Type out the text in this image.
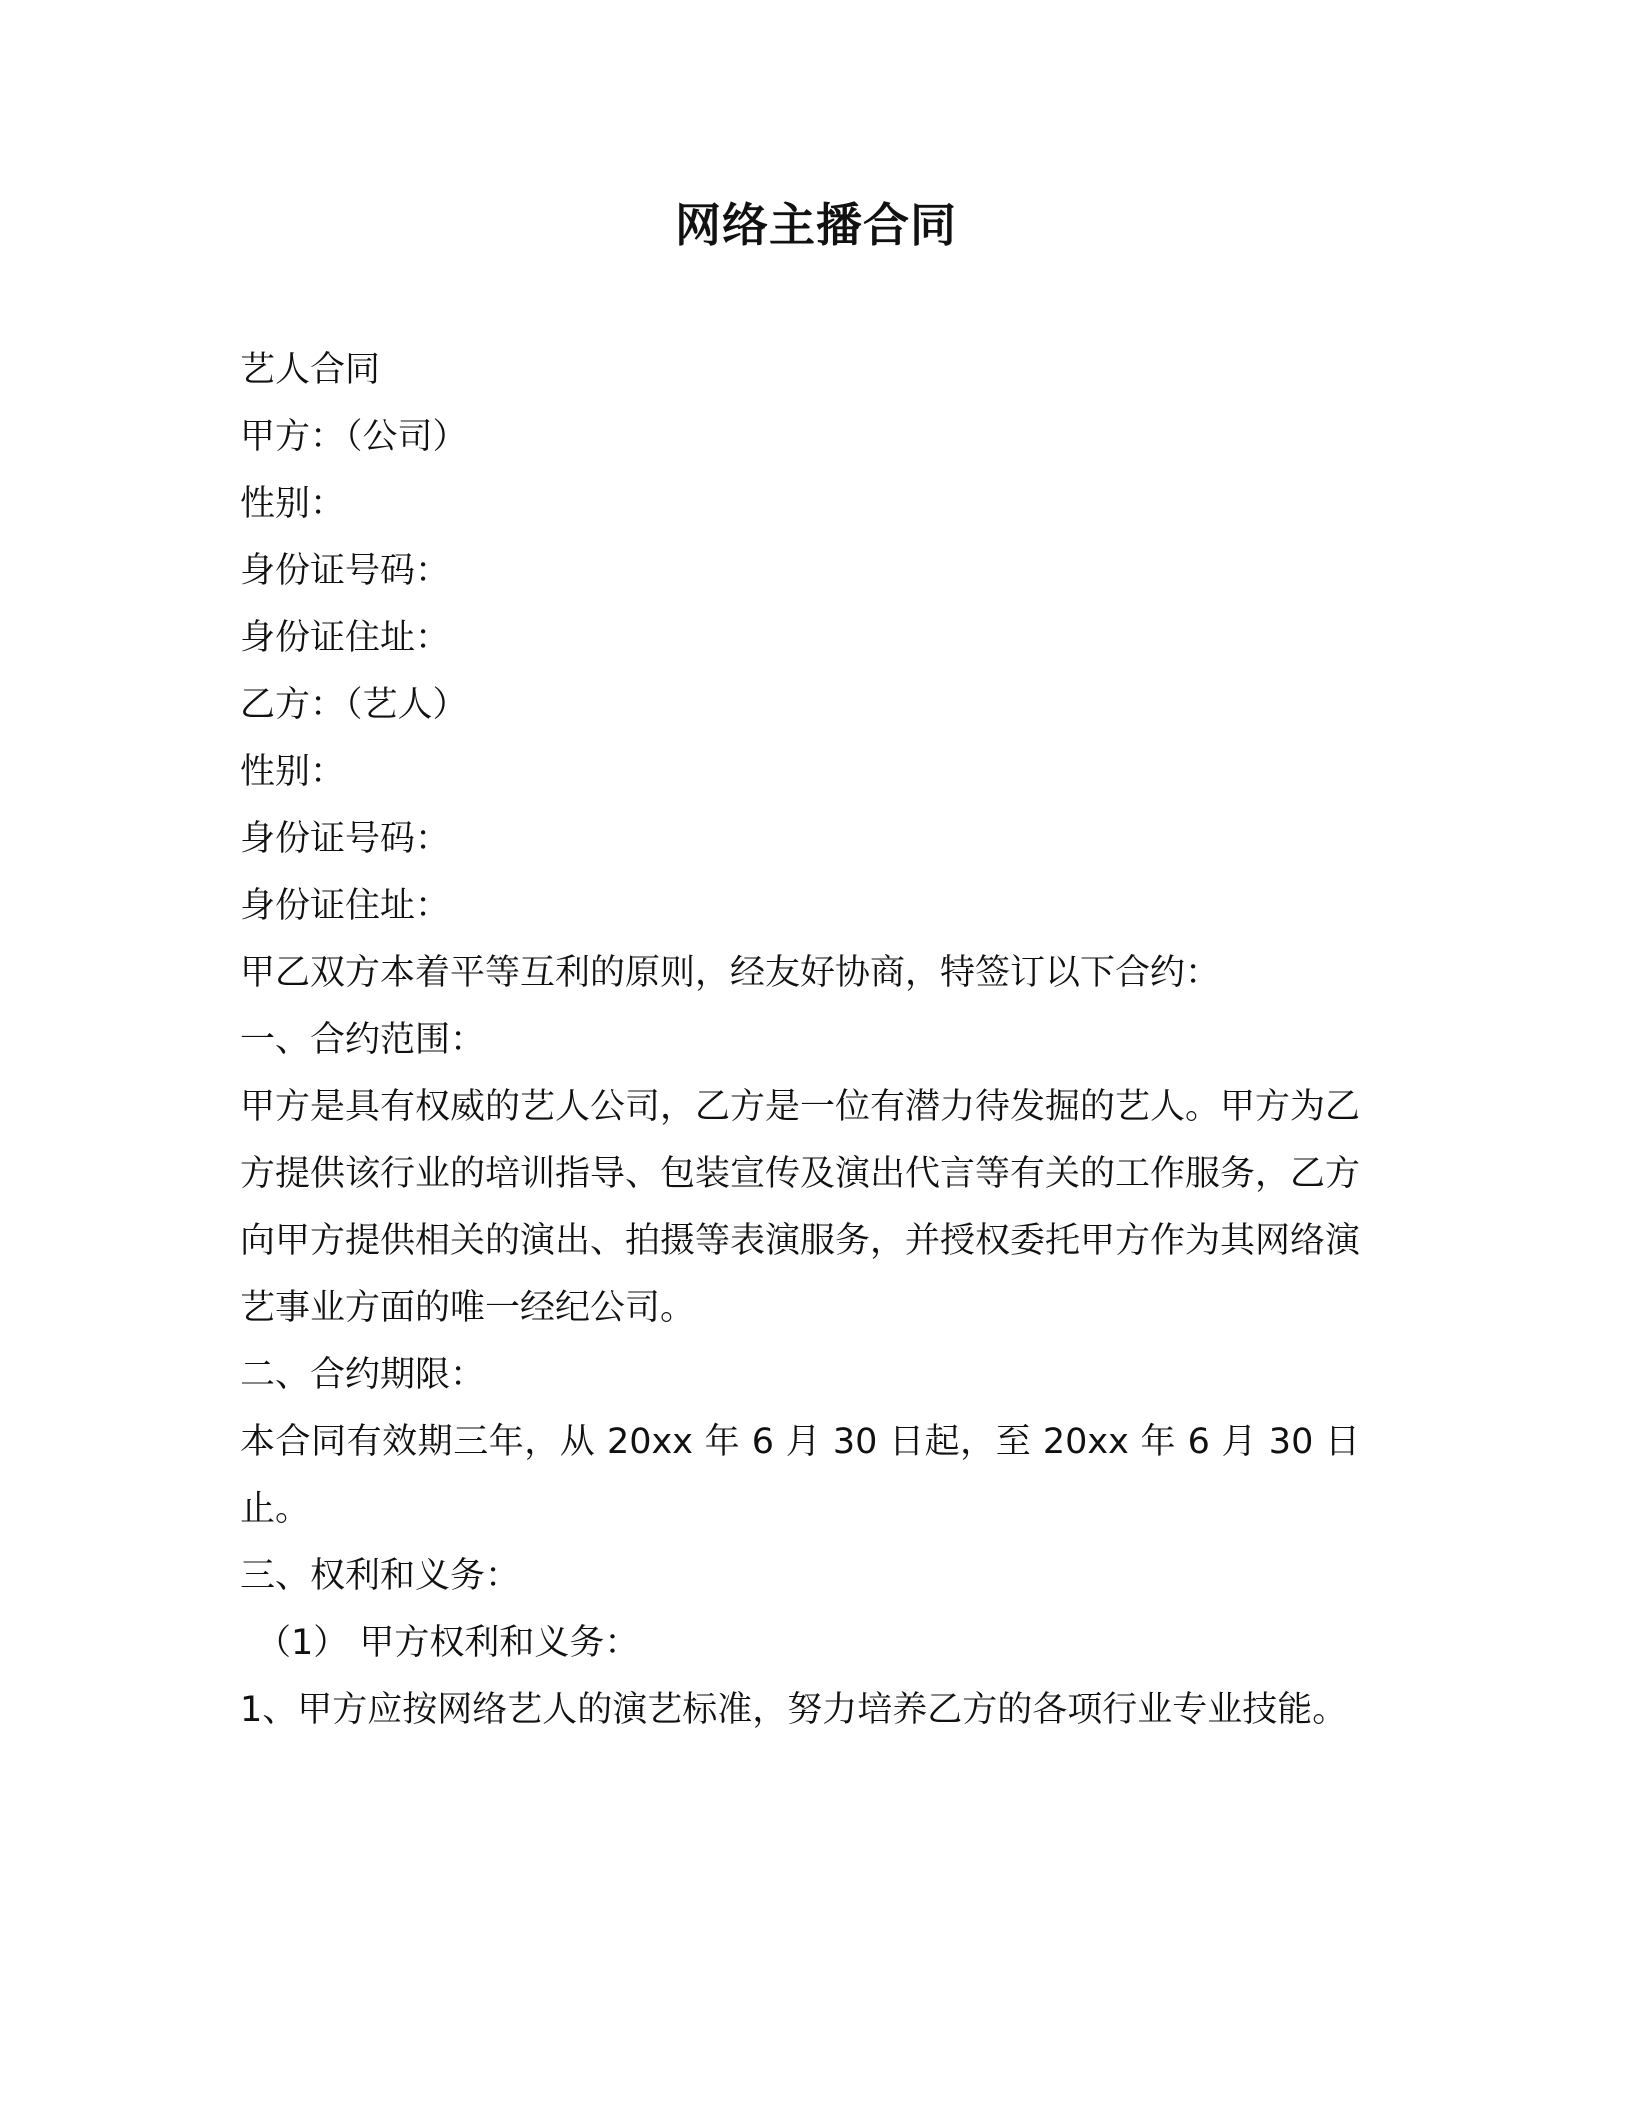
网络主播合同
艺人合同
甲方：（公司）
性别：
身份证号码：
身份证住址：
乙方：（艺人）
性别：
身份证号码：
身份证住址：
甲乙双方本着平等互利的原则，经友好协商，特签订以下合约：
一、合约范围：
甲方是具有权威的艺人公司，乙方是一位有潜力待发掘的艺人。甲方为乙方提供该行业的培训指导、包装宣传及演出代言等有关的工作服务，乙方向甲方提供相关的演出、拍摄等表演服务，并授权委托甲方作为其网络演艺事业方面的唯一经纪公司。
二、合约期限：
本合同有效期三年，从 20xx 年 6 月 30 日起，至 20xx 年 6 月 30 日止。
三、权利和义务：
（1） 甲方权利和义务：
1、甲方应按网络艺人的演艺标准，努力培养乙方的各项行业专业技能。
